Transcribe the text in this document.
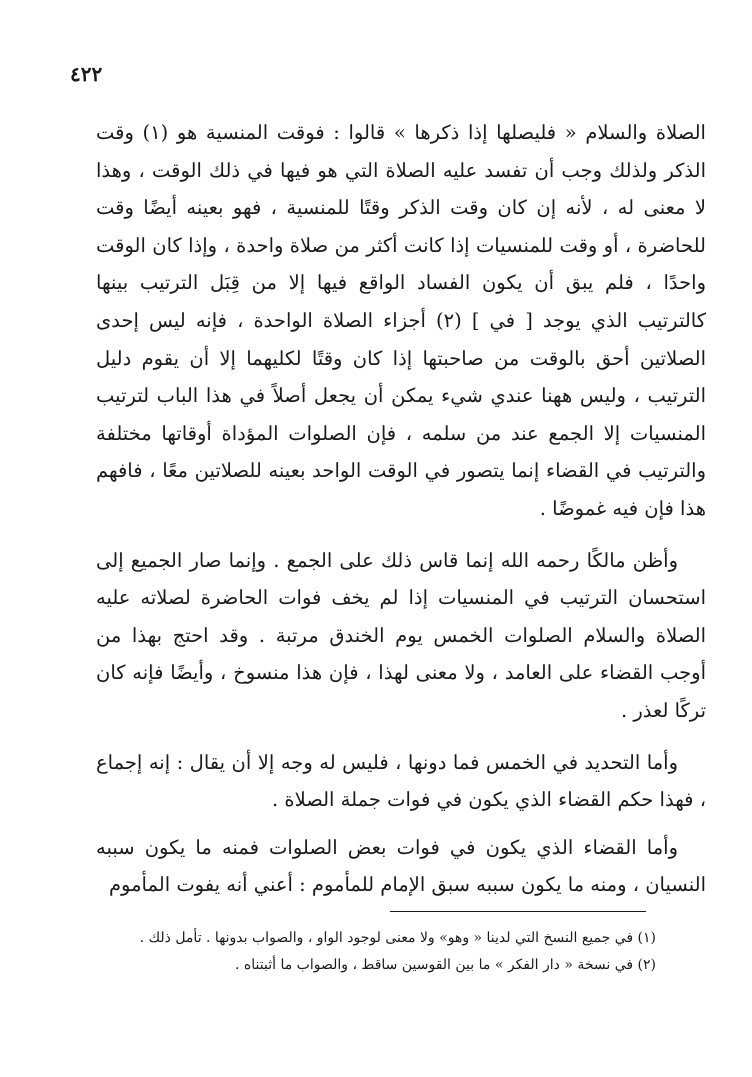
٤٢٢

الصلاة والسلام « فليصلها إذا ذكرها » قالوا : فوقت المنسية هو (١) وقت الذكر ولذلك وجب أن تفسد عليه الصلاة التي هو فيها في ذلك الوقت ، وهذا لا معنى له ، لأنه إن كان وقت الذكر وقتًا للمنسية ، فهو بعينه أيضًا وقت للحاضرة ، أو وقت للمنسيات إذا كانت أكثر من صلاة واحدة ، وإذا كان الوقت واحدًا ، فلم يبق أن يكون الفساد الواقع فيها إلا من قِبَل الترتيب بينها كالترتيب الذي يوجد [ في ] (٢) أجزاء الصلاة الواحدة ، فإنه ليس إحدى الصلاتين أحق بالوقت من صاحبتها إذا كان وقتًا لكليهما إلا أن يقوم دليل الترتيب ، وليس ههنا عندي شيء يمكن أن يجعل أصلاً في هذا الباب لترتيب المنسيات إلا الجمع عند من سلمه ، فإن الصلوات المؤداة أوقاتها مختلفة والترتيب في القضاء إنما يتصور في الوقت الواحد بعينه للصلاتين معًا ، فافهم هذا فإن فيه غموضًا .

وأظن مالكًا رحمه الله إنما قاس ذلك على الجمع . وإنما صار الجميع إلى استحسان الترتيب في المنسيات إذا لم يخف فوات الحاضرة لصلاته عليه الصلاة والسلام الصلوات الخمس يوم الخندق مرتبة . وقد احتج بهذا من أوجب القضاء على العامد ، ولا معنى لهذا ، فإن هذا منسوخ ، وأيضًا فإنه كان تركًا لعذر .

وأما التحديد في الخمس فما دونها ، فليس له وجه إلا أن يقال : إنه إجماع ، فهذا حكم القضاء الذي يكون في فوات جملة الصلاة .

وأما القضاء الذي يكون في فوات بعض الصلوات فمنه ما يكون سببه النسيان ، ومنه ما يكون سببه سبق الإمام للمأموم : أعني أنه يفوت المأموم

(١) في جميع النسخ التي لدينا « وهو» ولا معنى لوجود الواو ، والصواب بدونها . تأمل ذلك .

(٢) في نسخة « دار الفكر » ما بين القوسين ساقط ، والصواب ما أثبتناه .
